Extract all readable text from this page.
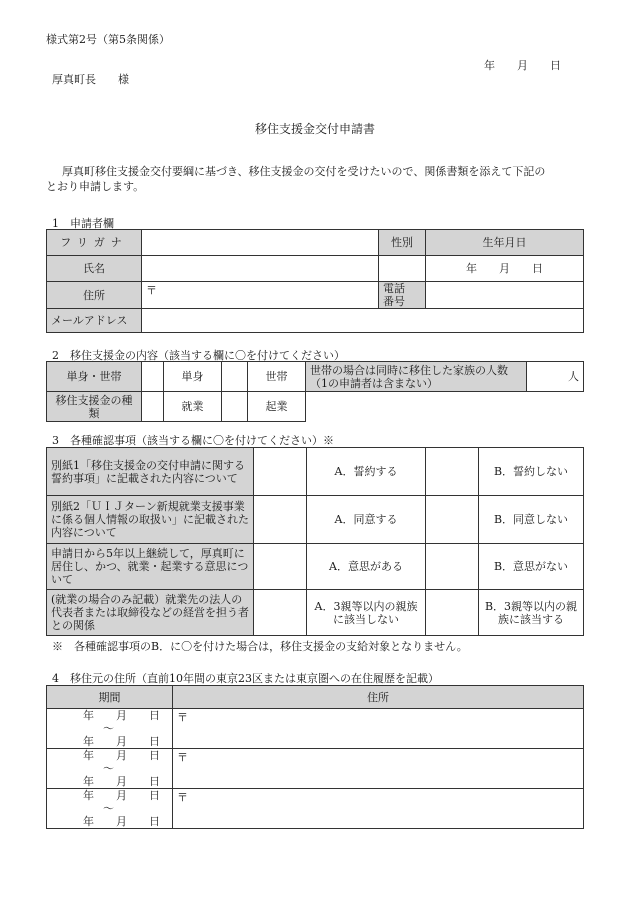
様式第2号（第5条関係）
年　　月　　日
厚真町長　　様
移住支援金交付申請書
厚真町移住支援金交付要綱に基づき、移住支援金の交付を受けたいので、関係書類を添えて下記の
とおり申請します。
1　申請者欄
フリガナ		性別	生年月日
氏名			年　　月　　日
住所	〒	電話
番号	

メールアドレス			
2　移住支援金の内容（該当する欄に〇を付けてください）
単身・世帯		単身		世帯	世帯の場合は同時に移住した家族の人数（1の申請者は含まない）	人
移住支援金の種類		就業		起業		
3　各種確認事項（該当する欄に〇を付けてください）※
別紙1「移住支援金の交付申請に関する誓約事項」に記載された内容について		A．誓約する		B．誓約しない
別紙2「ＵＩＪターン新規就業支援事業に係る個人情報の取扱い」に記載された内容について		A．同意する		B．同意しない
申請日から5年以上継続して，厚真町に居住し、かつ、就業・起業する意思について		A．意思がある		B．意思がない
(就業の場合のみ記載）就業先の法人の代表者または取締役などの経営を担う者との関係		A．3親等以内の親族に該当しない		B．3親等以内の親族に該当する
※　各種確認事項のB．に〇を付けた場合は，移住支援金の支給対象となりません。
4　移住元の住所（直前10年間の東京23区または東京圏への在住履歴を記載）
期間	住所

年　　月　　日
～
年　　月　　日	〒

年　　月　　日
～
年　　月　　日	〒

年　　月　　日
～
年　　月　　日	〒
